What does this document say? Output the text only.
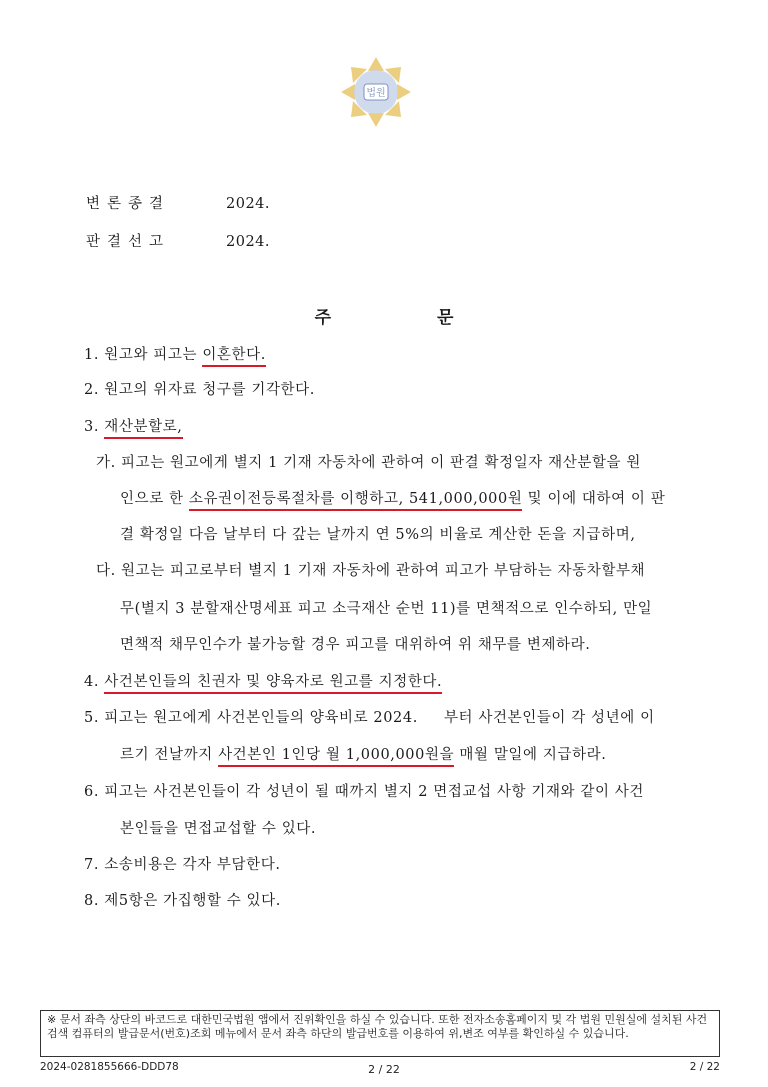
법원
변론종결	2024.
판결선고	2024.
주 문
1. 원고와 피고는 이혼한다.
2. 원고의 위자료 청구를 기각한다.
3. 재산분할로,
가. 피고는 원고에게 별지 1 기재 자동차에 관하여 이 판결 확정일자 재산분할을 원
인으로 한 소유권이전등록절차를 이행하고, 541,000,000원 및 이에 대하여 이 판
결 확정일 다음 날부터 다 갚는 날까지 연 5%의 비율로 계산한 돈을 지급하며,
다. 원고는 피고로부터 별지 1 기재 자동차에 관하여 피고가 부담하는 자동차할부채
무(별지 3 분할재산명세표 피고 소극재산 순번 11)를 면책적으로 인수하되, 만일
면책적 채무인수가 불가능할 경우 피고를 대위하여 위 채무를 변제하라.
4. 사건본인들의 친권자 및 양육자로 원고를 지정한다.
5. 피고는 원고에게 사건본인들의 양육비로 2024.     부터 사건본인들이 각 성년에 이
르기 전날까지 사건본인 1인당 월 1,000,000원을 매월 말일에 지급하라.
6. 피고는 사건본인들이 각 성년이 될 때까지 별지 2 면접교섭 사항 기재와 같이 사건
본인들을 면접교섭할 수 있다.
7. 소송비용은 각자 부담한다.
8. 제5항은 가집행할 수 있다.
※ 문서 좌측 상단의 바코드로 대한민국법원 앱에서 진위확인을 하실 수 있습니다. 또한 전자소송홈페이지 및 각 법원 민원실에 설치된 사건검색 컴퓨터의 발급문서(번호)조회 메뉴에서 문서 좌측 하단의 발급번호를 이용하여 위,변조 여부를 확인하실 수 있습니다.
2024-0281855666-DDD78	2 / 22	2 / 22
